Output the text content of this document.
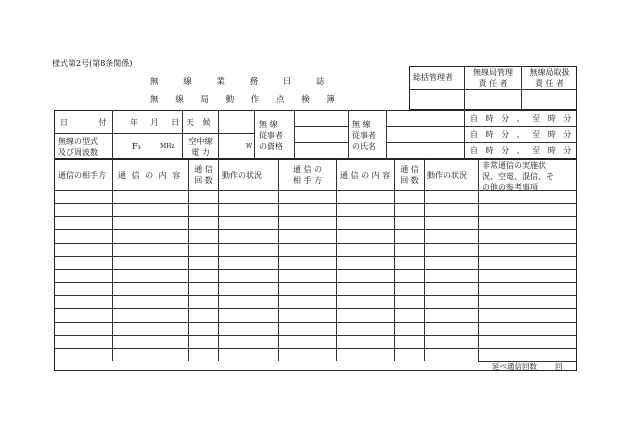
様式第2号(第8条関係)
無 線 業 務 日 誌
無 線 局 動 作 点 検 簿
総括管理者
無線局管理
責 任 者
無線局取扱
責 任 者
日 付 年 月 日 天 候
無線の型式
及び周波数
F₃	MHz
空中線
電 力
W
無 線
従事者
の資格
無 線
従事者
の氏名
自 時 分 、 至 時 分
自 時 分 、 至 時 分
自 時 分 、 至 時 分
通信の相手方 通 信 の 内 容
通 信
回 数
動作の状況
通 信 の
相 手 方
通 信 の 内 容
通 信
回 数
動作の状況
非常通信の実施状
況、空電、混信、そ
の他の参考事項
延べ通信回数 回
